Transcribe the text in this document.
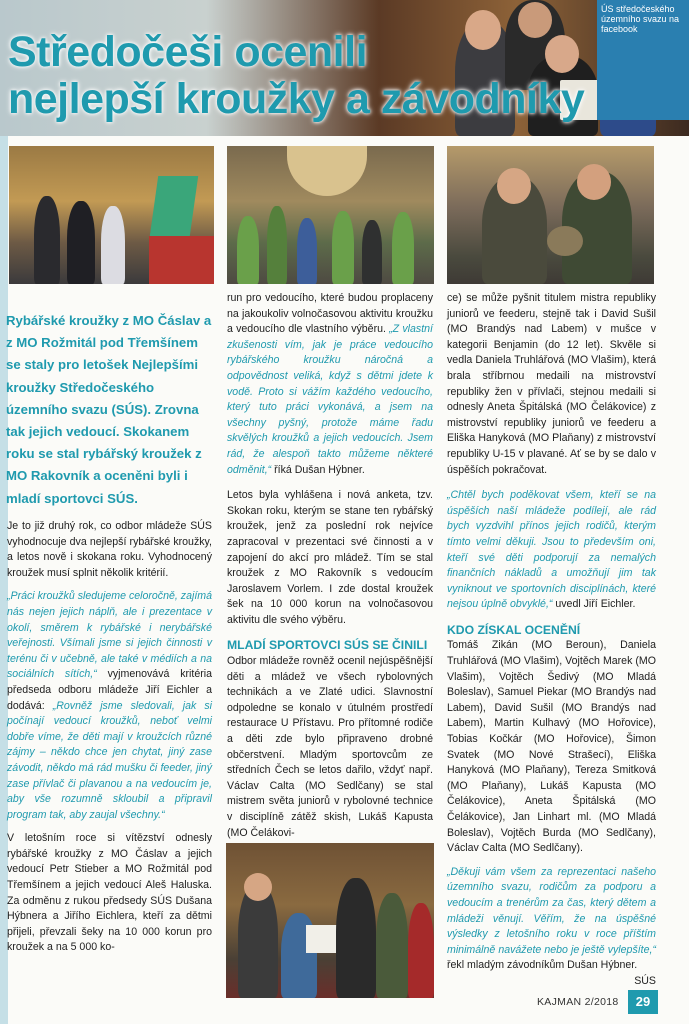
ÚS středočeského územního svazu na facebook
Středočeši ocenili
nejlepší kroužky a závodníky
Rybářské kroužky z MO Čáslav a z MO Rožmitál pod Třemšínem se staly pro letošek Nejlepšími kroužky Středočeského územního svazu (SÚS). Zrovna tak jejich vedoucí. Skokanem roku se stal rybářský kroužek z MO Rakovník a oceněni byli i mladí sportovci SÚS.

Je to již druhý rok, co odbor mládeže SÚS vyhodnocuje dva nejlepší rybářské kroužky, a letos nově i skokana roku. Vyhodnocený kroužek musí splnit několik kritérií.

„Práci kroužků sledujeme celoročně, zajímá nás nejen jejich náplň, ale i prezentace v okolí, směrem k rybářské i nerybářské veřejnosti. Všímali jsme si jejich činnosti v terénu či v učebně, ale také v médiích a na sociálních sítích,“ vyjmenovává kritéria předseda odboru mládeže Jiří Eichler a dodává: „Rovněž jsme sledovali, jak si počínají vedoucí kroužků, neboť velmi dobře víme, že děti mají v kroužcích různé zájmy – někdo chce jen chytat, jiný zase závodit, někdo má rád mušku či feeder, jiný zase přívlač či plavanou a na vedoucím je, aby vše rozumně skloubil a připravil program tak, aby zaujal všechny.“

V letošním roce si vítězství odnesly rybářské kroužky z MO Čáslav a jejich vedoucí Petr Stieber a MO Rožmitál pod Třemšínem a jejich vedoucí Aleš Haluska. Za odměnu z rukou předsedy SÚS Dušana Hýbnera a Jiřího Eichlera, kteří za dětmi přijeli, převzali šeky na 10 000 korun pro kroužek a na 5 000 ko-

run pro vedoucího, které budou proplaceny na jakoukoliv volnočasovou aktivitu kroužku a vedoucího dle vlastního výběru. „Z vlastní zkušenosti vím, jak je práce vedoucího rybářského kroužku náročná a odpovědnost veliká, když s dětmi jdete k vodě. Proto si vážím každého vedoucího, který tuto práci vykonává, a jsem na všechny pyšný, protože máme řadu skvělých kroužků a jejich vedoucích. Jsem rád, že alespoň takto můžeme některé odměnit,“ říká Dušan Hýbner.

Letos byla vyhlášena i nová anketa, tzv. Skokan roku, kterým se stane ten rybářský kroužek, jenž za poslední rok nejvíce zapracoval v prezentaci své činnosti a v zapojení do akcí pro mládež. Tím se stal kroužek z MO Rakovník s vedoucím Jaroslavem Vorlem. I zde dostal kroužek šek na 10 000 korun na volnočasovou aktivitu dle svého výběru.

MLADÍ SPORTOVCI SÚS SE ČINILI

Odbor mládeže rovněž ocenil nejúspěšnější děti a mládež ve všech rybolovných technikách a ve Zlaté udici. Slavnostní odpoledne se konalo v útulném prostředí restaurace U Přístavu. Pro přítomné rodiče a děti zde bylo připraveno drobné občerstvení. Mladým sportovcům ze středních Čech se letos dařilo, vždyť např. Václav Calta (MO Sedlčany) se stal mistrem světa juniorů v rybolovné technice v disciplíně zátěž skish, Lukáš Kapusta (MO Čelákovi-

ce) se může pyšnit titulem mistra republiky juniorů ve feederu, stejně tak i David Sušil (MO Brandýs nad Labem) v mušce v kategorii Benjamin (do 12 let). Skvěle si vedla Daniela Truhlářová (MO Vlašim), která brala stříbrnou medaili na mistrovství republiky žen v přívlači, stejnou medaili si odnesly Aneta Špitálská (MO Čelákovice) z mistrovství republiky juniorů ve feederu a Eliška Hanyková (MO Plaňany) z mistrovství republiky U-15 v plavané. Ať se by se dalo v úspěších pokračovat.

„Chtěl bych poděkovat všem, kteří se na úspěších naší mládeže podílejí, ale rád bych vyzdvihl přínos jejich rodičů, kterým tímto velmi děkuji. Jsou to především oni, kteří své děti podporují za nemalých finančních nákladů a umožňují jim tak vyniknout ve sportovních disciplínách, které nejsou úplně obvyklé,“ uvedl Jiří Eichler.

KDO ZÍSKAL OCENĚNÍ

Tomáš Zikán (MO Beroun), Daniela Truhlářová (MO Vlašim), Vojtěch Marek (MO Vlašim), Vojtěch Šedivý (MO Mladá Boleslav), Samuel Piekar (MO Brandýs nad Labem), David Sušil (MO Brandýs nad Labem), Martin Kulhavý (MO Hořovice), Tobias Kočkár (MO Hořovice), Šimon Svatek (MO Nové Strašecí), Eliška Hanyková (MO Plaňany), Tereza Smitková (MO Plaňany), Lukáš Kapusta (MO Čelákovice), Aneta Špitálská (MO Čelákovice), Jan Linhart ml. (MO Mladá Boleslav), Vojtěch Burda (MO Sedlčany), Václav Calta (MO Sedlčany).

„Děkuji vám všem za reprezentaci našeho územního svazu, rodičům za podporu a vedoucím a trenérům za čas, který dětem a mládeži věnují. Věřím, že na úspěšné výsledky z letošního roku v roce příštím minimálně navážete nebo je ještě vylepšíte,“ řekl mladým závodníkům Dušan Hýbner.

SÚS

KAJMAN 2/2018	29
